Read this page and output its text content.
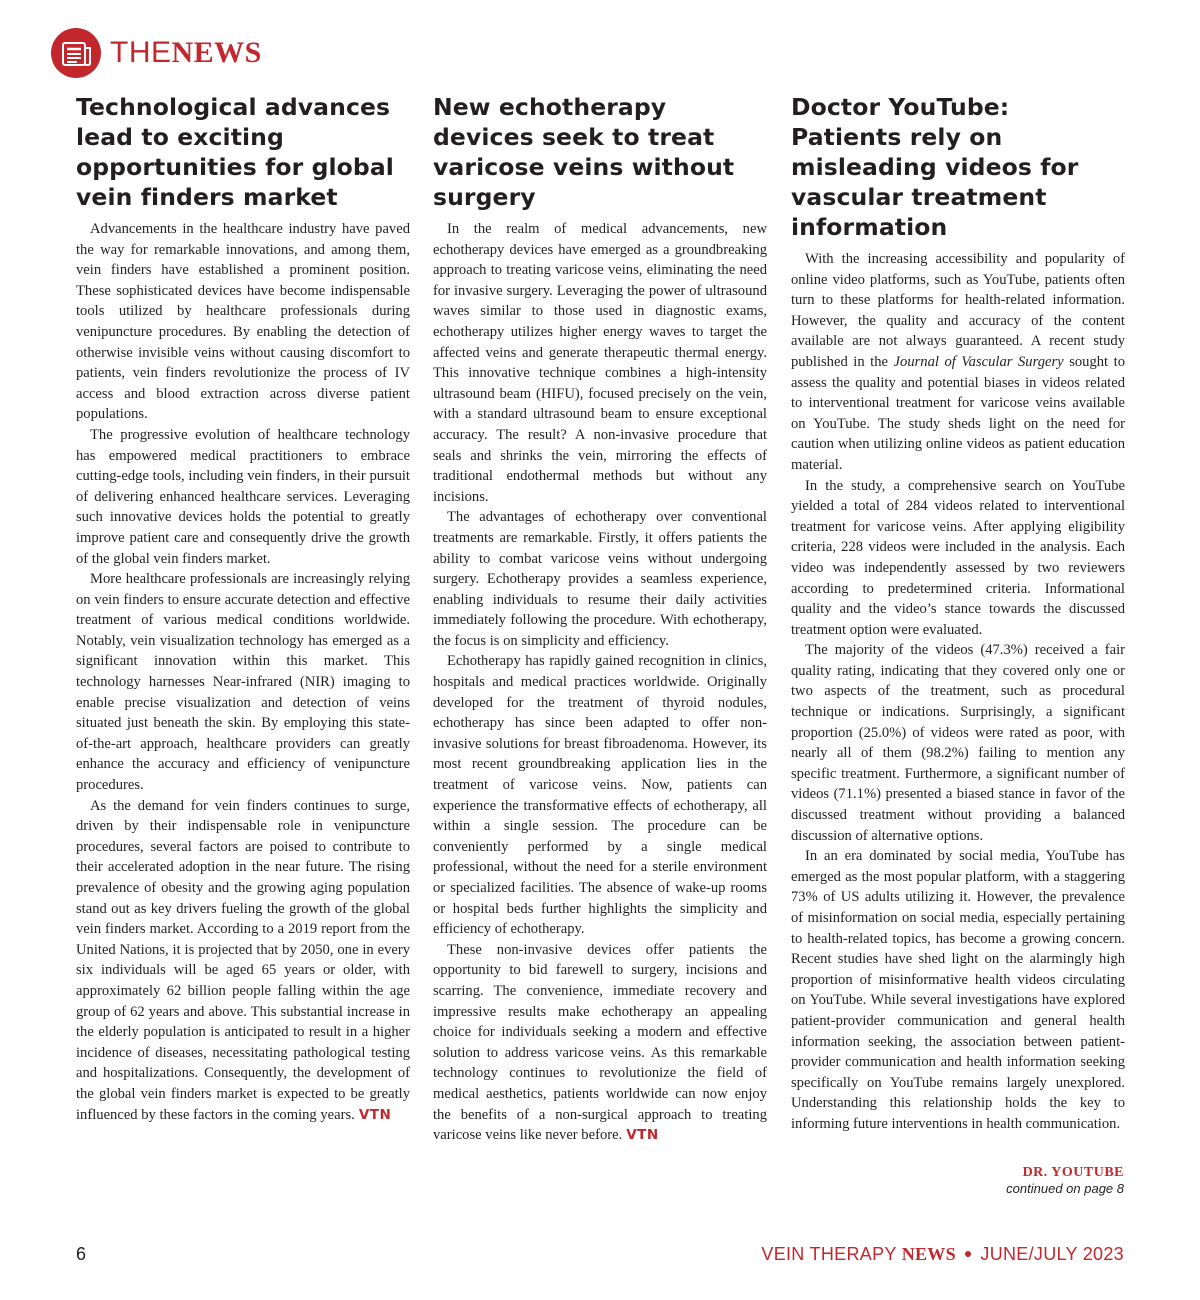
THENEWS
Technological advances lead to exciting opportunities for global vein finders market

Advancements in the healthcare industry have paved the way for remarkable innovations, and among them, vein finders have established a prominent position. These sophisticated devices have become indispensable tools utilized by healthcare professionals during venipuncture procedures. By enabling the detection of otherwise invisible veins without causing discomfort to patients, vein finders revolutionize the process of IV access and blood extraction across diverse patient populations.

The progressive evolution of healthcare technology has empowered medical practitioners to embrace cutting-edge tools, including vein finders, in their pursuit of delivering enhanced healthcare services. Leveraging such innovative devices holds the potential to greatly improve patient care and consequently drive the growth of the global vein finders market.

More healthcare professionals are increasingly relying on vein finders to ensure accurate detection and effective treatment of various medical conditions worldwide. Notably, vein visualization technology has emerged as a significant innovation within this market. This technology harnesses Near-infrared (NIR) imaging to enable precise visualization and detection of veins situated just beneath the skin. By employing this state-of-the-art approach, healthcare providers can greatly enhance the accuracy and efficiency of venipuncture procedures.

As the demand for vein finders continues to surge, driven by their indispensable role in venipuncture procedures, several factors are poised to contribute to their accelerated adoption in the near future. The rising prevalence of obesity and the growing aging population stand out as key drivers fueling the growth of the global vein finders market. According to a 2019 report from the United Nations, it is projected that by 2050, one in every six individuals will be aged 65 years or older, with approximately 62 billion people falling within the age group of 62 years and above. This substantial increase in the elderly population is anticipated to result in a higher incidence of diseases, necessitating pathological testing and hospitalizations. Consequently, the development of the global vein finders market is expected to be greatly influenced by these factors in the coming years. VTN

New echotherapy devices seek to treat varicose veins without surgery

In the realm of medical advancements, new echotherapy devices have emerged as a groundbreaking approach to treating varicose veins, eliminating the need for invasive surgery. Leveraging the power of ultrasound waves similar to those used in diagnostic exams, echotherapy utilizes higher energy waves to target the affected veins and generate therapeutic thermal energy. This innovative technique combines a high-intensity ultrasound beam (HIFU), focused precisely on the vein, with a standard ultrasound beam to ensure exceptional accuracy. The result? A non-invasive procedure that seals and shrinks the vein, mirroring the effects of traditional endothermal methods but without any incisions.

The advantages of echotherapy over conventional treatments are remarkable. Firstly, it offers patients the ability to combat varicose veins without undergoing surgery. Echotherapy provides a seamless experience, enabling individuals to resume their daily activities immediately following the procedure. With echotherapy, the focus is on simplicity and efficiency.

Echotherapy has rapidly gained recognition in clinics, hospitals and medical practices worldwide. Originally developed for the treatment of thyroid nodules, echotherapy has since been adapted to offer non-invasive solutions for breast fibroadenoma. However, its most recent groundbreaking application lies in the treatment of varicose veins. Now, patients can experience the transformative effects of echotherapy, all within a single session. The procedure can be conveniently performed by a single medical professional, without the need for a sterile environment or specialized facilities. The absence of wake-up rooms or hospital beds further highlights the simplicity and efficiency of echotherapy.

These non-invasive devices offer patients the opportunity to bid farewell to surgery, incisions and scarring. The convenience, immediate recovery and impressive results make echotherapy an appealing choice for individuals seeking a modern and effective solution to address varicose veins. As this remarkable technology continues to revolutionize the field of medical aesthetics, patients worldwide can now enjoy the benefits of a non-surgical approach to treating varicose veins like never before. VTN

Doctor YouTube: Patients rely on misleading videos for vascular treatment information

With the increasing accessibility and popularity of online video platforms, such as YouTube, patients often turn to these platforms for health-related information. However, the quality and accuracy of the content available are not always guaranteed. A recent study published in the Journal of Vascular Surgery sought to assess the quality and potential biases in videos related to interventional treatment for varicose veins available on YouTube. The study sheds light on the need for caution when utilizing online videos as patient education material.

In the study, a comprehensive search on YouTube yielded a total of 284 videos related to interventional treatment for varicose veins. After applying eligibility criteria, 228 videos were included in the analysis. Each video was independently assessed by two reviewers according to predetermined criteria. Informational quality and the video’s stance towards the discussed treatment option were evaluated.

The majority of the videos (47.3%) received a fair quality rating, indicating that they covered only one or two aspects of the treatment, such as procedural technique or indications. Surprisingly, a significant proportion (25.0%) of videos were rated as poor, with nearly all of them (98.2%) failing to mention any specific treatment. Furthermore, a significant number of videos (71.1%) presented a biased stance in favor of the discussed treatment without providing a balanced discussion of alternative options.

In an era dominated by social media, YouTube has emerged as the most popular platform, with a staggering 73% of US adults utilizing it. However, the prevalence of misinformation on social media, especially pertaining to health-related topics, has become a growing concern. Recent studies have shed light on the alarmingly high proportion of misinformative health videos circulating on YouTube. While several investigations have explored patient-provider communication and general health information seeking, the association between patient-provider communication and health information seeking specifically on YouTube remains largely unexplored. Understanding this relationship holds the key to informing future interventions in health communication.

DR. YOUTUBE
continued on page 8
6	VEIN THERAPY NEWS ● JUNE/JULY 2023
